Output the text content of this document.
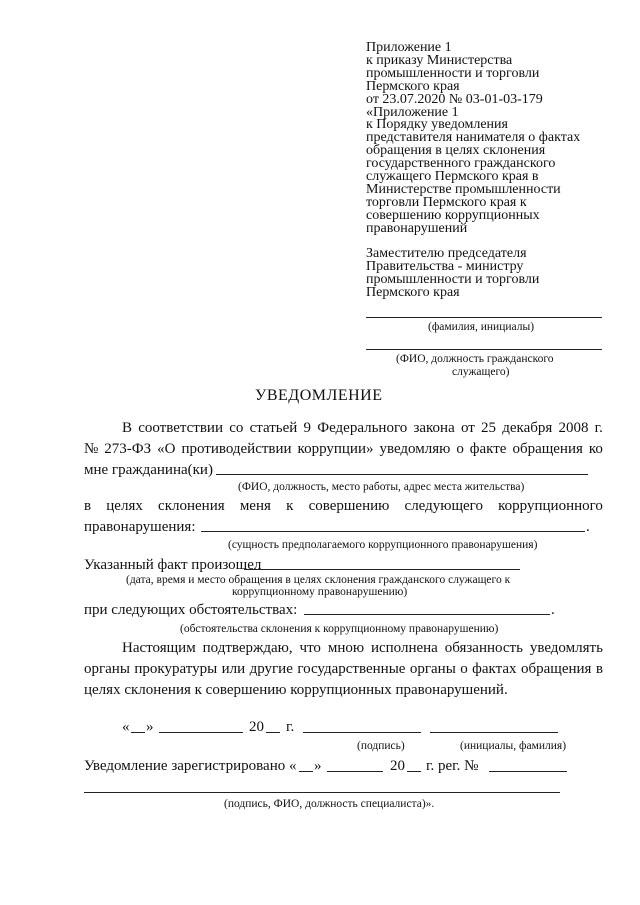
Приложение 1
к приказу Министерства
промышленности и торговли
Пермского края
от 23.07.2020 № 03-01-03-179
«Приложение 1
к Порядку уведомления
представителя нанимателя о фактах
обращения в целях склонения
государственного гражданского
служащего Пермского края в
Министерстве промышленности
торговли Пермского края к
совершению коррупционных
правонарушений
Заместителю председателя
Правительства - министру
промышленности и торговли
Пермского края
(фамилия, инициалы)
(ФИО, должность гражданского
служащего)
УВЕДОМЛЕНИЕ
В соответствии со статьей 9 Федерального закона от 25 декабря 2008 г.
№ 273-ФЗ «О противодействии коррупции» уведомляю о факте обращения ко
мне гражданина(ки)
(ФИО, должность, место работы, адрес места жительства)
в целях склонения меня к совершению следующего коррупционного
правонарушения:	.
(сущность предполагаемого коррупционного правонарушения)
Указанный факт произошел
(дата, время и место обращения в целях склонения гражданского служащего к
коррупционному правонарушению)
при следующих обстоятельствах:	.
(обстоятельства склонения к коррупционному правонарушению)
Настоящим подтверждаю, что мною исполнена обязанность уведомлять
органы прокуратуры или другие государственные органы о фактах обращения в
целях склонения к совершению коррупционных правонарушений.
« »	20 г.
(подпись)	(инициалы, фамилия)
Уведомление зарегистрировано « »	20 г. рег. №
(подпись, ФИО, должность специалиста)».
